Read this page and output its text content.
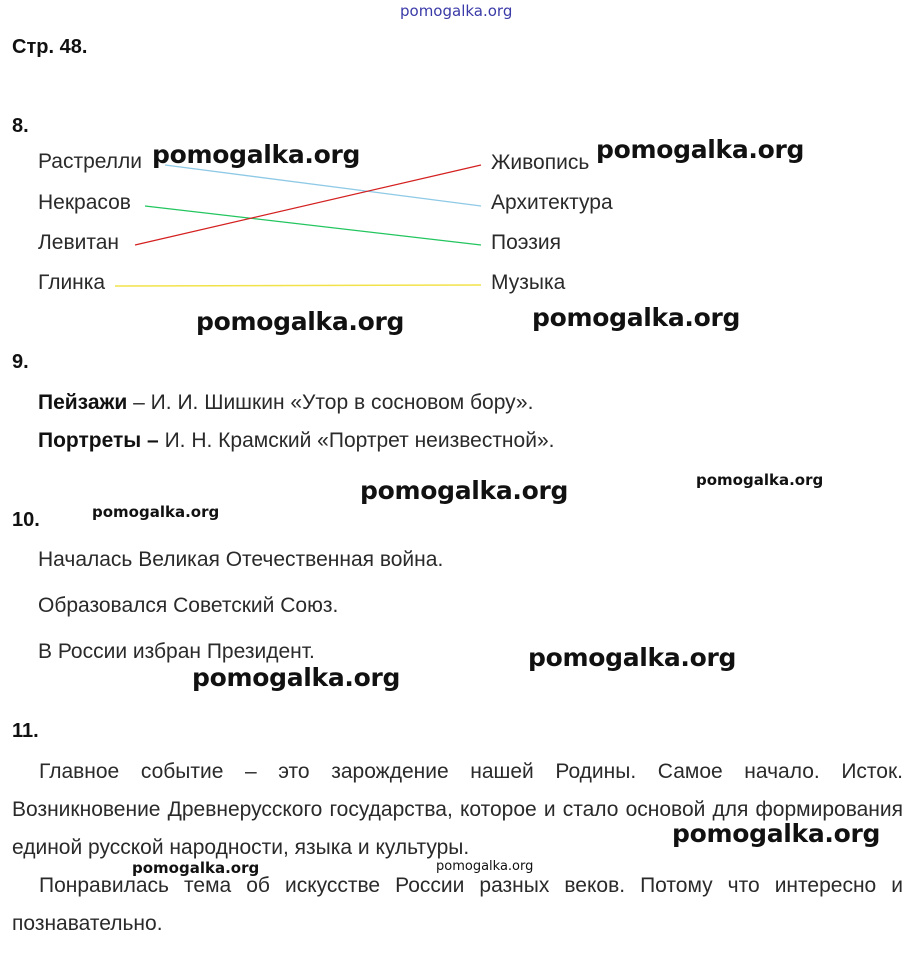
pomogalka.org
Стр. 48.
8.
Растрелли
Некрасов
Левитан
Глинка
Живопись
Архитектура
Поэзия
Музыка
9.
Пейзажи – И. И. Шишкин «Утор в сосновом бору».
Портреты – И. Н. Крамский «Портрет неизвестной».
10.
Началась Великая Отечественная война.
Образовался Советский Союз.
В России избран Президент.
11.

Главное событие – это зарождение нашей Родины. Самое начало. Исток. Возникновение Древнерусского государства, которое и стало основой для формирования единой русской народности, языка и культуры.

Понравилась тема об искусстве России разных веков. Потому что интересно и познавательно.

pomogalka.org	pomogalka.org
pomogalka.org	pomogalka.org
pomogalka.org	pomogalka.org
pomogalka.org
pomogalka.org
pomogalka.org
pomogalka.org
pomogalka.org	pomogalka.org
